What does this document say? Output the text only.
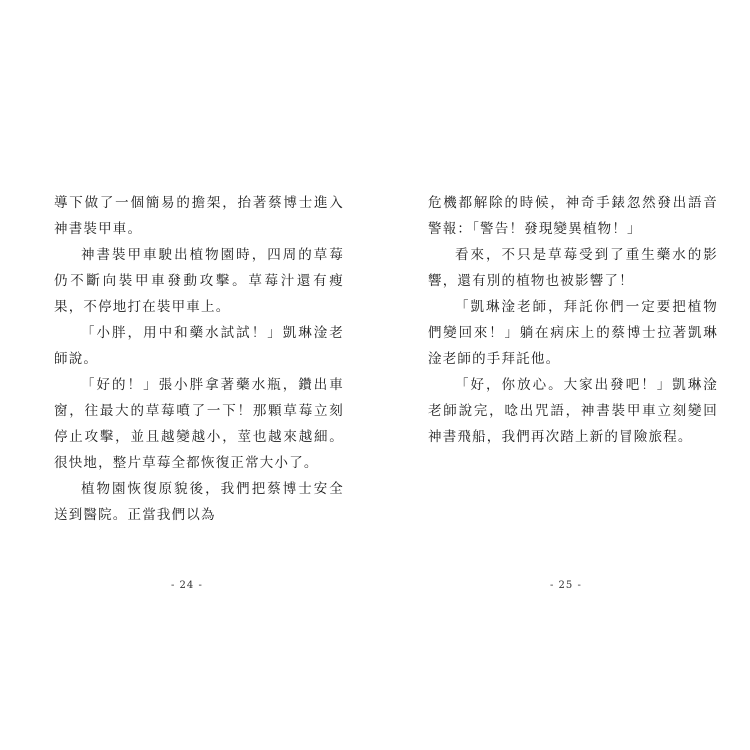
導下做了一個簡易的擔架，抬著蔡博士進入神書裝甲車。

神書裝甲車駛出植物園時，四周的草莓仍不斷向裝甲車發動攻擊。草莓汁還有瘦果，不停地打在裝甲車上。

「小胖，用中和藥水試試！」凱琳淦老師說。

「好的！」張小胖拿著藥水瓶，鑽出車窗，往最大的草莓噴了一下！那顆草莓立刻停止攻擊，並且越變越小，莖也越來越細。很快地，整片草莓全都恢復正常大小了。

植物園恢復原貌後，我們把蔡博士安全送到醫院。正當我們以為

- 24 -

危機都解除的時候，神奇手錶忽然發出語音警報：「警告！發現變異植物！」

看來，不只是草莓受到了重生藥水的影響，還有別的植物也被影響了！

「凱琳淦老師，拜託你們一定要把植物們變回來！」躺在病床上的蔡博士拉著凱琳淦老師的手拜託他。

「好，你放心。大家出發吧！」凱琳淦老師說完，唸出咒語，神書裝甲車立刻變回神書飛船，我們再次踏上新的冒險旅程。

- 25 -
